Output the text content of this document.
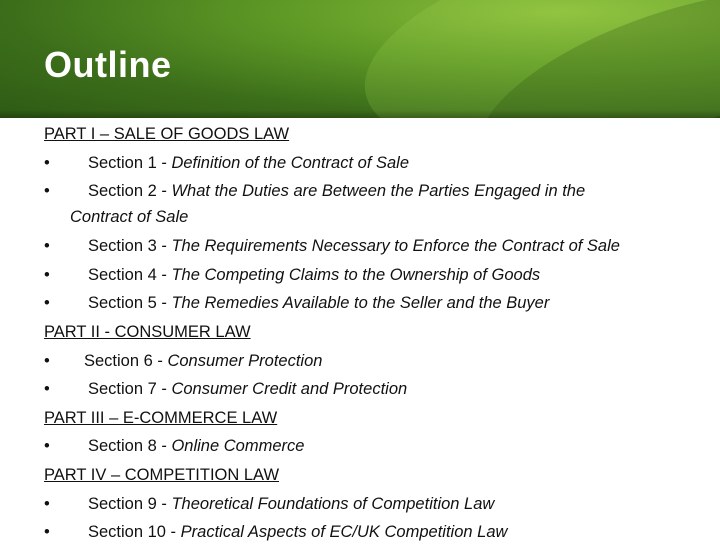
Outline
PART I – SALE OF GOODS LAW
•	Section 1 - Definition of the Contract of Sale
•	Section 2 - What the Duties are Between the Parties Engaged in the
Contract of Sale
•	Section 3 - The Requirements Necessary to Enforce the Contract of Sale
•	Section 4 - The Competing Claims to the Ownership of Goods
•	Section 5 - The Remedies Available to the Seller and the Buyer
PART II - CONSUMER LAW
•	Section 6 - Consumer Protection
•	Section 7 - Consumer Credit and Protection
PART III – E-COMMERCE LAW
•	Section 8 - Online Commerce
PART IV – COMPETITION LAW
•	Section 9 - Theoretical Foundations of Competition Law
•	Section 10 - Practical Aspects of EC/UK Competition Law
